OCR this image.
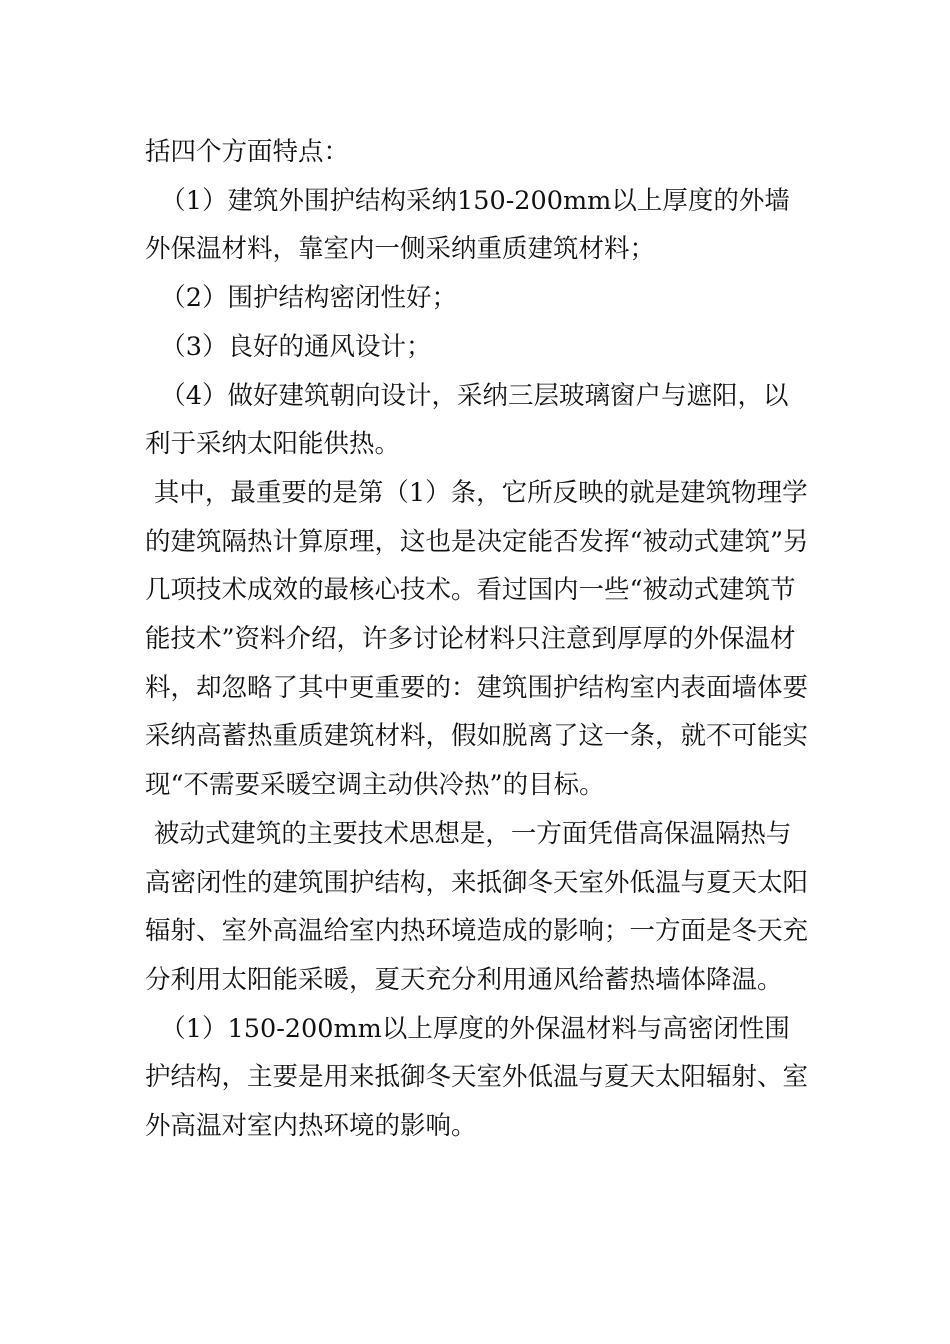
括四个方面特点：

（1）建筑外围护结构采纳150-200mm以上厚度的外墙外保温材料，靠室内一侧采纳重质建筑材料；

（2）围护结构密闭性好；

（3）良好的通风设计；

（4）做好建筑朝向设计，采纳三层玻璃窗户与遮阳，以利于采纳太阳能供热。

其中，最重要的是第（1）条，它所反映的就是建筑物理学的建筑隔热计算原理，这也是决定能否发挥“被动式建筑”另几项技术成效的最核心技术。看过国内一些“被动式建筑节能技术”资料介绍，许多讨论材料只注意到厚厚的外保温材料，却忽略了其中更重要的：建筑围护结构室内表面墙体要采纳高蓄热重质建筑材料，假如脱离了这一条，就不可能实现“不需要采暖空调主动供冷热”的目标。

被动式建筑的主要技术思想是，一方面凭借高保温隔热与高密闭性的建筑围护结构，来抵御冬天室外低温与夏天太阳辐射、室外高温给室内热环境造成的影响；一方面是冬天充分利用太阳能采暖，夏天充分利用通风给蓄热墙体降温。

（1）150-200mm以上厚度的外保温材料与高密闭性围护结构，主要是用来抵御冬天室外低温与夏天太阳辐射、室外高温对室内热环境的影响。
